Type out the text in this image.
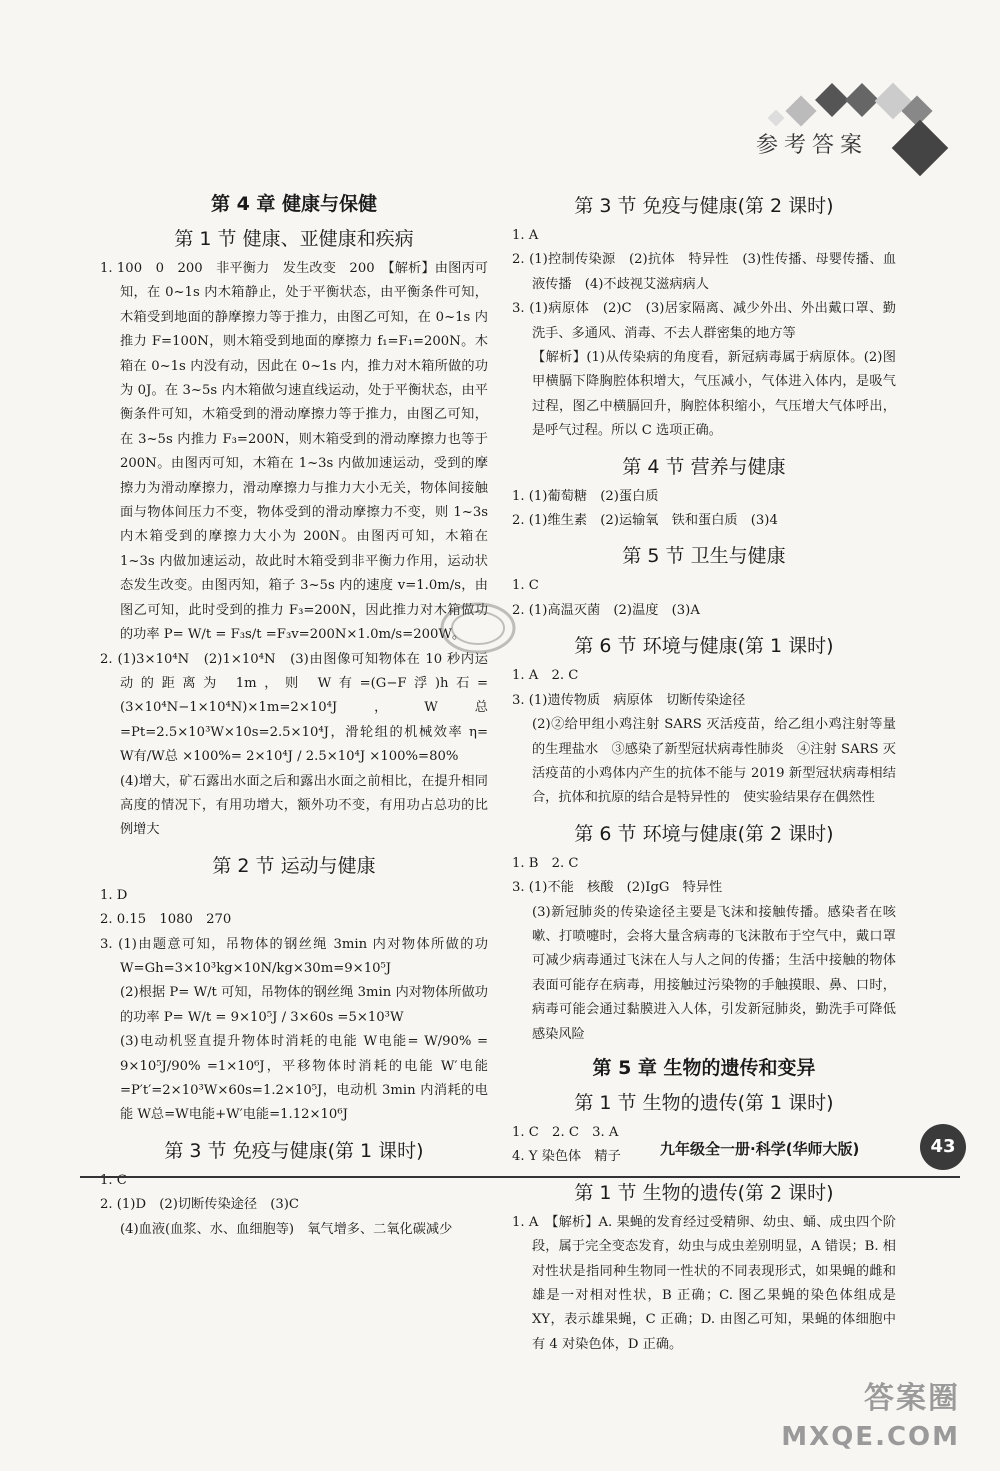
参考答案
第 4 章 健康与保健
第 1 节 健康、亚健康和疾病

1. 100　0　200　非平衡力　发生改变　200　【解析】由图丙可知，在 0~1s 内木箱静止，处于平衡状态，由平衡条件可知，木箱受到地面的静摩擦力等于推力，由图乙可知，在 0~1s 内推力 F=100N，则木箱受到地面的摩擦力 f₁=F₁=200N。木箱在 0~1s 内没有动，因此在 0~1s 内，推力对木箱所做的功为 0J。在 3~5s 内木箱做匀速直线运动，处于平衡状态，由平衡条件可知，木箱受到的滑动摩擦力等于推力，由图乙可知，在 3~5s 内推力 F₃=200N，则木箱受到的滑动摩擦力也等于 200N。由图丙可知，木箱在 1~3s 内做加速运动，受到的摩擦力为滑动摩擦力，滑动摩擦力与推力大小无关，物体间接触面与物体间压力不变，物体受到的滑动摩擦力不变，则 1~3s 内木箱受到的摩擦力大小为 200N。由图丙可知，木箱在 1~3s 内做加速运动，故此时木箱受到非平衡力作用，运动状态发生改变。由图丙知，箱子 3~5s 内的速度 v=1.0m/s，由图乙可知，此时受到的推力 F₃=200N，因此推力对木箱做功的功率 P= W/t = F₃s/t =F₃v=200N×1.0m/s=200W。

2. (1)3×10⁴N　(2)1×10⁴N　(3)由图像可知物体在 10 秒内运动的距离为 1m，则 W有=(G−F浮)h石=(3×10⁴N−1×10⁴N)×1m=2×10⁴J，W总=Pt=2.5×10³W×10s=2.5×10⁴J，滑轮组的机械效率 η= W有/W总 ×100%= 2×10⁴J / 2.5×10⁴J ×100%=80%

(4)增大，矿石露出水面之后和露出水面之前相比，在提升相同高度的情况下，有用功增大，额外功不变，有用功占总功的比例增大

第 2 节 运动与健康

1. D

2. 0.15　1080　270

3. (1)由题意可知，吊物体的钢丝绳 3min 内对物体所做的功 W=Gh=3×10³kg×10N/kg×30m=9×10⁵J

(2)根据 P= W/t 可知，吊物体的钢丝绳 3min 内对物体所做功的功率 P= W/t = 9×10⁵J / 3×60s =5×10³W

(3)电动机竖直提升物体时消耗的电能 W电能= W/90% = 9×10⁵J/90% =1×10⁶J，平移物体时消耗的电能 W′电能=P′t′=2×10³W×60s=1.2×10⁵J，电动机 3min 内消耗的电能 W总=W电能+W′电能=1.12×10⁶J

第 3 节 免疫与健康(第 1 课时)

1. C

2. (1)D　(2)切断传染途径　(3)C

(4)血液(血浆、水、血细胞等)　氧气增多、二氧化碳减少

第 3 节 免疫与健康(第 2 课时)

1. A

2. (1)控制传染源　(2)抗体　特异性　(3)性传播、母婴传播、血液传播　(4)不歧视艾滋病病人

3. (1)病原体　(2)C　(3)居家隔离、减少外出、外出戴口罩、勤洗手、多通风、消毒、不去人群密集的地方等

【解析】(1)从传染病的角度看，新冠病毒属于病原体。(2)图甲横膈下降胸腔体积增大，气压减小，气体进入体内，是吸气过程，图乙中横膈回升，胸腔体积缩小，气压增大气体呼出，是呼气过程。所以 C 选项正确。

第 4 节 营养与健康

1. (1)葡萄糖　(2)蛋白质

2. (1)维生素　(2)运输氧　铁和蛋白质　(3)4

第 5 节 卫生与健康

1. C

2. (1)高温灭菌　(2)温度　(3)A

第 6 节 环境与健康(第 1 课时)

1. A　2. C

3. (1)遗传物质　病原体　切断传染途径

(2)②给甲组小鸡注射 SARS 灭活疫苗，给乙组小鸡注射等量的生理盐水　③感染了新型冠状病毒性肺炎　④注射 SARS 灭活疫苗的小鸡体内产生的抗体不能与 2019 新型冠状病毒相结合，抗体和抗原的结合是特异性的　使实验结果存在偶然性

第 6 节 环境与健康(第 2 课时)

1. B　2. C

3. (1)不能　核酸　(2)IgG　特异性

(3)新冠肺炎的传染途径主要是飞沫和接触传播。感染者在咳嗽、打喷嚏时，会将大量含病毒的飞沫散布于空气中，戴口罩可减少病毒通过飞沫在人与人之间的传播；生活中接触的物体表面可能存在病毒，用接触过污染物的手触摸眼、鼻、口时，病毒可能会通过黏膜进入人体，引发新冠肺炎，勤洗手可降低感染风险

第 5 章 生物的遗传和变异
第 1 节 生物的遗传(第 1 课时)

1. C　2. C　3. A

4. Y 染色体　精子

第 1 节 生物的遗传(第 2 课时)

1. A　【解析】A. 果蝇的发育经过受精卵、幼虫、蛹、成虫四个阶段，属于完全变态发育，幼虫与成虫差别明显，A 错误；B. 相对性状是指同种生物同一性状的不同表现形式，如果蝇的雌和雄是一对相对性状，B 正确；C. 图乙果蝇的染色体组成是 XY，表示雄果蝇，C 正确；D. 由图乙可知，果蝇的体细胞中有 4 对染色体，D 正确。

九年级全一册·科学(华师大版)	43
答案圈
MXQE.COM
